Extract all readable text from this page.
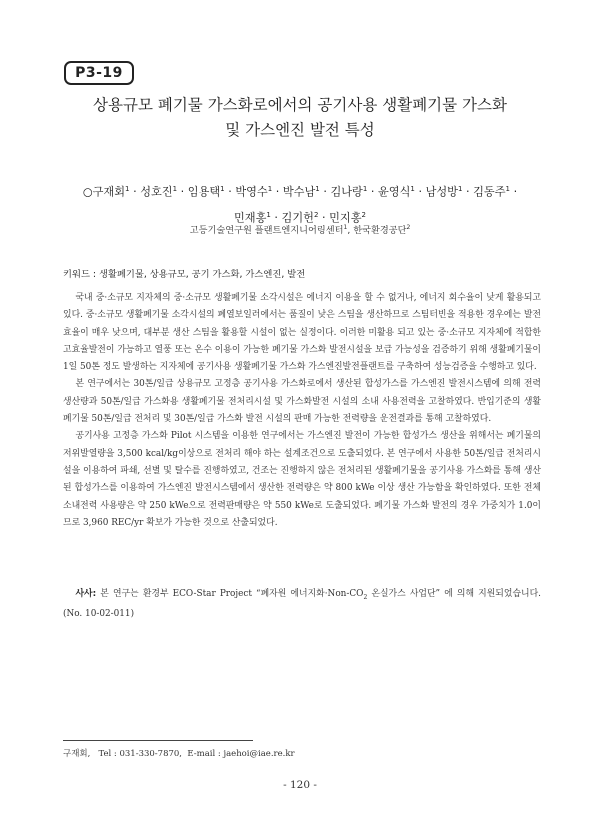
P3-19
상용규모 폐기물 가스화로에서의 공기사용 생활폐기물 가스화
및 가스엔진 발전 특성
○구재회$^1$ · 성호진$^1$ · 임용택$^1$ · 박영수$^1$ · 박수남$^1$ · 김나랑$^1$ · 윤영식$^1$ · 남성방$^1$ · 김동주$^1$ ·
민재홍$^1$ · 김기헌$^2$ · 민지홍$^2$
고등기술연구원 플랜트엔지니어링센터$^1$, 한국환경공단$^2$
키워드 : 생활폐기물, 상용규모, 공기 가스화, 가스엔진, 발전

국내 중·소규모 지자체의 중·소규모 생활폐기물 소각시설은 에너지 이용을 할 수 없거나, 에너지 회수율이 낮게 활용되고 있다. 중·소규모 생활폐기물 소각시설의 폐열보일러에서는 품질이 낮은 스팀을 생산하므로 스팀터빈을 적용한 경우에는 발전효율이 매우 낮으며, 대부분 생산 스팀을 활용할 시설이 없는 실정이다. 이러한 미활용 되고 있는 중·소규모 지자체에 적합한 고효율발전이 가능하고 열풍 또는 온수 이용이 가능한 폐기물 가스화 발전시설을 보급 가능성을 검증하기 위해 생활폐기물이 1일 50톤 정도 발생하는 지자체에 공기사용 생활폐기물 가스화 가스엔진발전플랜트를 구축하여 성능검증을 수행하고 있다.

본 연구에서는 30톤/일급 상용규모 고정층 공기사용 가스화로에서 생산된 합성가스를 가스엔진 발전시스템에 의해 전력생산량과 50톤/일급 가스화용 생활폐기물 전처리시설 및 가스화발전 시설의 소내 사용전력을 고찰하였다. 반입기준의 생활폐기물 50톤/일급 전처리 및 30톤/일급 가스화 발전 시설의 판매 가능한 전력량을 운전결과를 통해 고찰하였다.

공기사용 고정층 가스화 Pilot 시스템을 이용한 연구에서는 가스엔진 발전이 가능한 합성가스 생산을 위해서는 폐기물의 저위발열량을 3,500 kcal/kg이상으로 전처리 해야 하는 설계조건으로 도출되었다. 본 연구에서 사용한 50톤/일급 전처리시설을 이용하여 파쇄, 선별 및 탈수를 진행하였고, 건조는 진행하지 않은 전처리된 생활폐기물을 공기사용 가스화를 통해 생산된 합성가스를 이용하여 가스엔진 발전시스템에서 생산한 전력량은 약 800 kWe 이상 생산 가능함을 확인하였다. 또한 전체 소내전력 사용량은 약 250 kWe으로 전력판매량은 약 550 kWe로 도출되었다. 폐기물 가스화 발전의 경우 가중치가 1.0이므로 3,960 REC/yr 확보가 가능한 것으로 산출되었다.

사사: 본 연구는 환경부 ECO-Star Project “폐자원 에너지화$\cdot Non-CO_2$ 온실가스 사업단” 에 의해 지원되었습니다. (No. 10-02-011)
구재회,   Tel : 031-330-7870,  E-mail : jaehoi@iae.re.kr
- 120 -
